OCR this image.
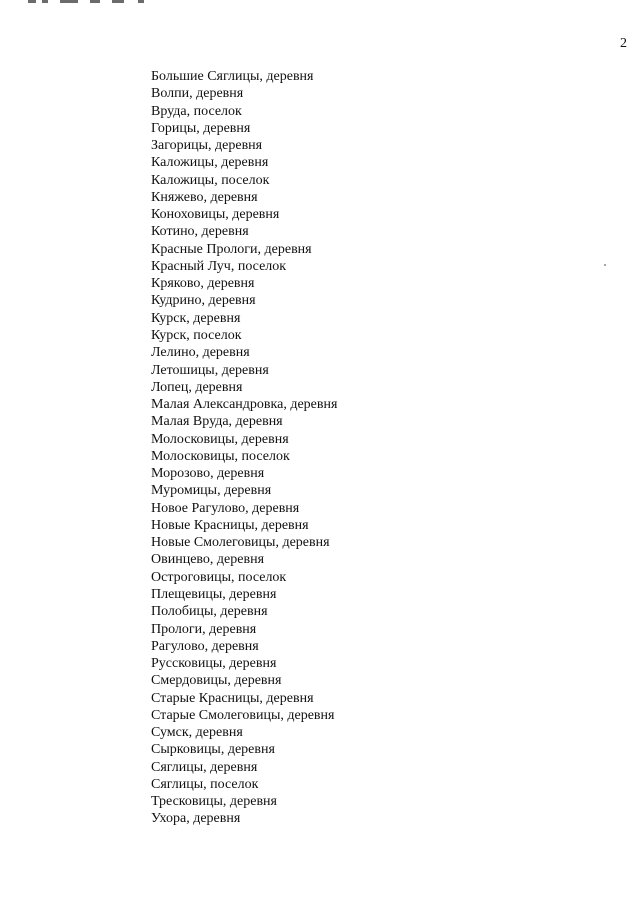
2
Большие Сяглицы, деревня
Волпи, деревня
Вруда, поселок
Горицы, деревня
Загорицы, деревня
Каложицы, деревня
Каложицы, поселок
Княжево, деревня
Коноховицы, деревня
Котино, деревня
Красные Прологи, деревня
Красный Луч, поселок
Кряково, деревня
Кудрино, деревня
Курск, деревня
Курск, поселок
Лелино, деревня
Летошицы, деревня
Лопец, деревня
Малая Александровка, деревня
Малая Вруда, деревня
Молосковицы, деревня
Молосковицы, поселок
Морозово, деревня
Муромицы, деревня
Новое Рагулово, деревня
Новые Красницы, деревня
Новые Смолеговицы, деревня
Овинцево, деревня
Остроговицы, поселок
Плещевицы, деревня
Полобицы, деревня
Прологи, деревня
Рагулово, деревня
Русcковицы, деревня
Смердовицы, деревня
Старые Красницы, деревня
Старые Смолеговицы, деревня
Сумск, деревня
Сырковицы, деревня
Сяглицы, деревня
Сяглицы, поселок
Тресковицы, деревня
Ухора, деревня
